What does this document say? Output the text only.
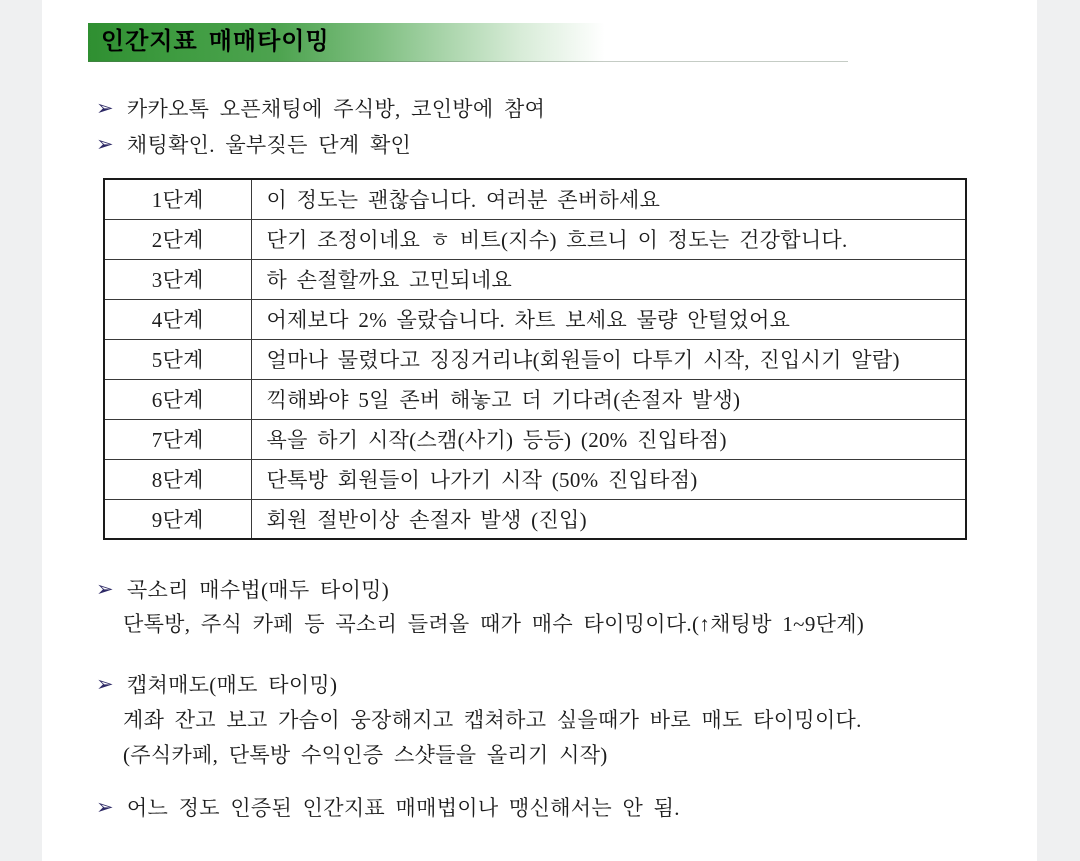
인간지표 매매타이밍
➢ 카카오톡 오픈채팅에 주식방, 코인방에 참여
➢ 채팅확인. 울부짖든 단계 확인
1단계	이 정도는 괜찮습니다. 여러분 존버하세요
2단계	단기 조정이네요 ㅎ 비트(지수) 흐르니 이 정도는 건강합니다.
3단계	하 손절할까요 고민되네요
4단계	어제보다 2% 올랐습니다. 차트 보세요 물량 안털었어요
5단계	얼마나 물렸다고 징징거리냐(회원들이 다투기 시작, 진입시기 알람)
6단계	끽해봐야 5일 존버 해놓고 더 기다려(손절자 발생)
7단계	욕을 하기 시작(스캠(사기) 등등) (20% 진입타점)
8단계	단톡방 회원들이 나가기 시작 (50% 진입타점)
9단계	회원 절반이상 손절자 발생 (진입)
➢ 곡소리 매수법(매두 타이밍)
단톡방, 주식 카페 등 곡소리 들려올 때가 매수 타이밍이다.(↑채팅방 1~9단계)
➢ 캡쳐매도(매도 타이밍)
계좌 잔고 보고 가슴이 웅장해지고 캡쳐하고 싶을때가 바로 매도 타이밍이다.
(주식카페, 단톡방 수익인증 스샷들을 올리기 시작)
➢ 어느 정도 인증된 인간지표 매매법이나 맹신해서는 안 됨.
